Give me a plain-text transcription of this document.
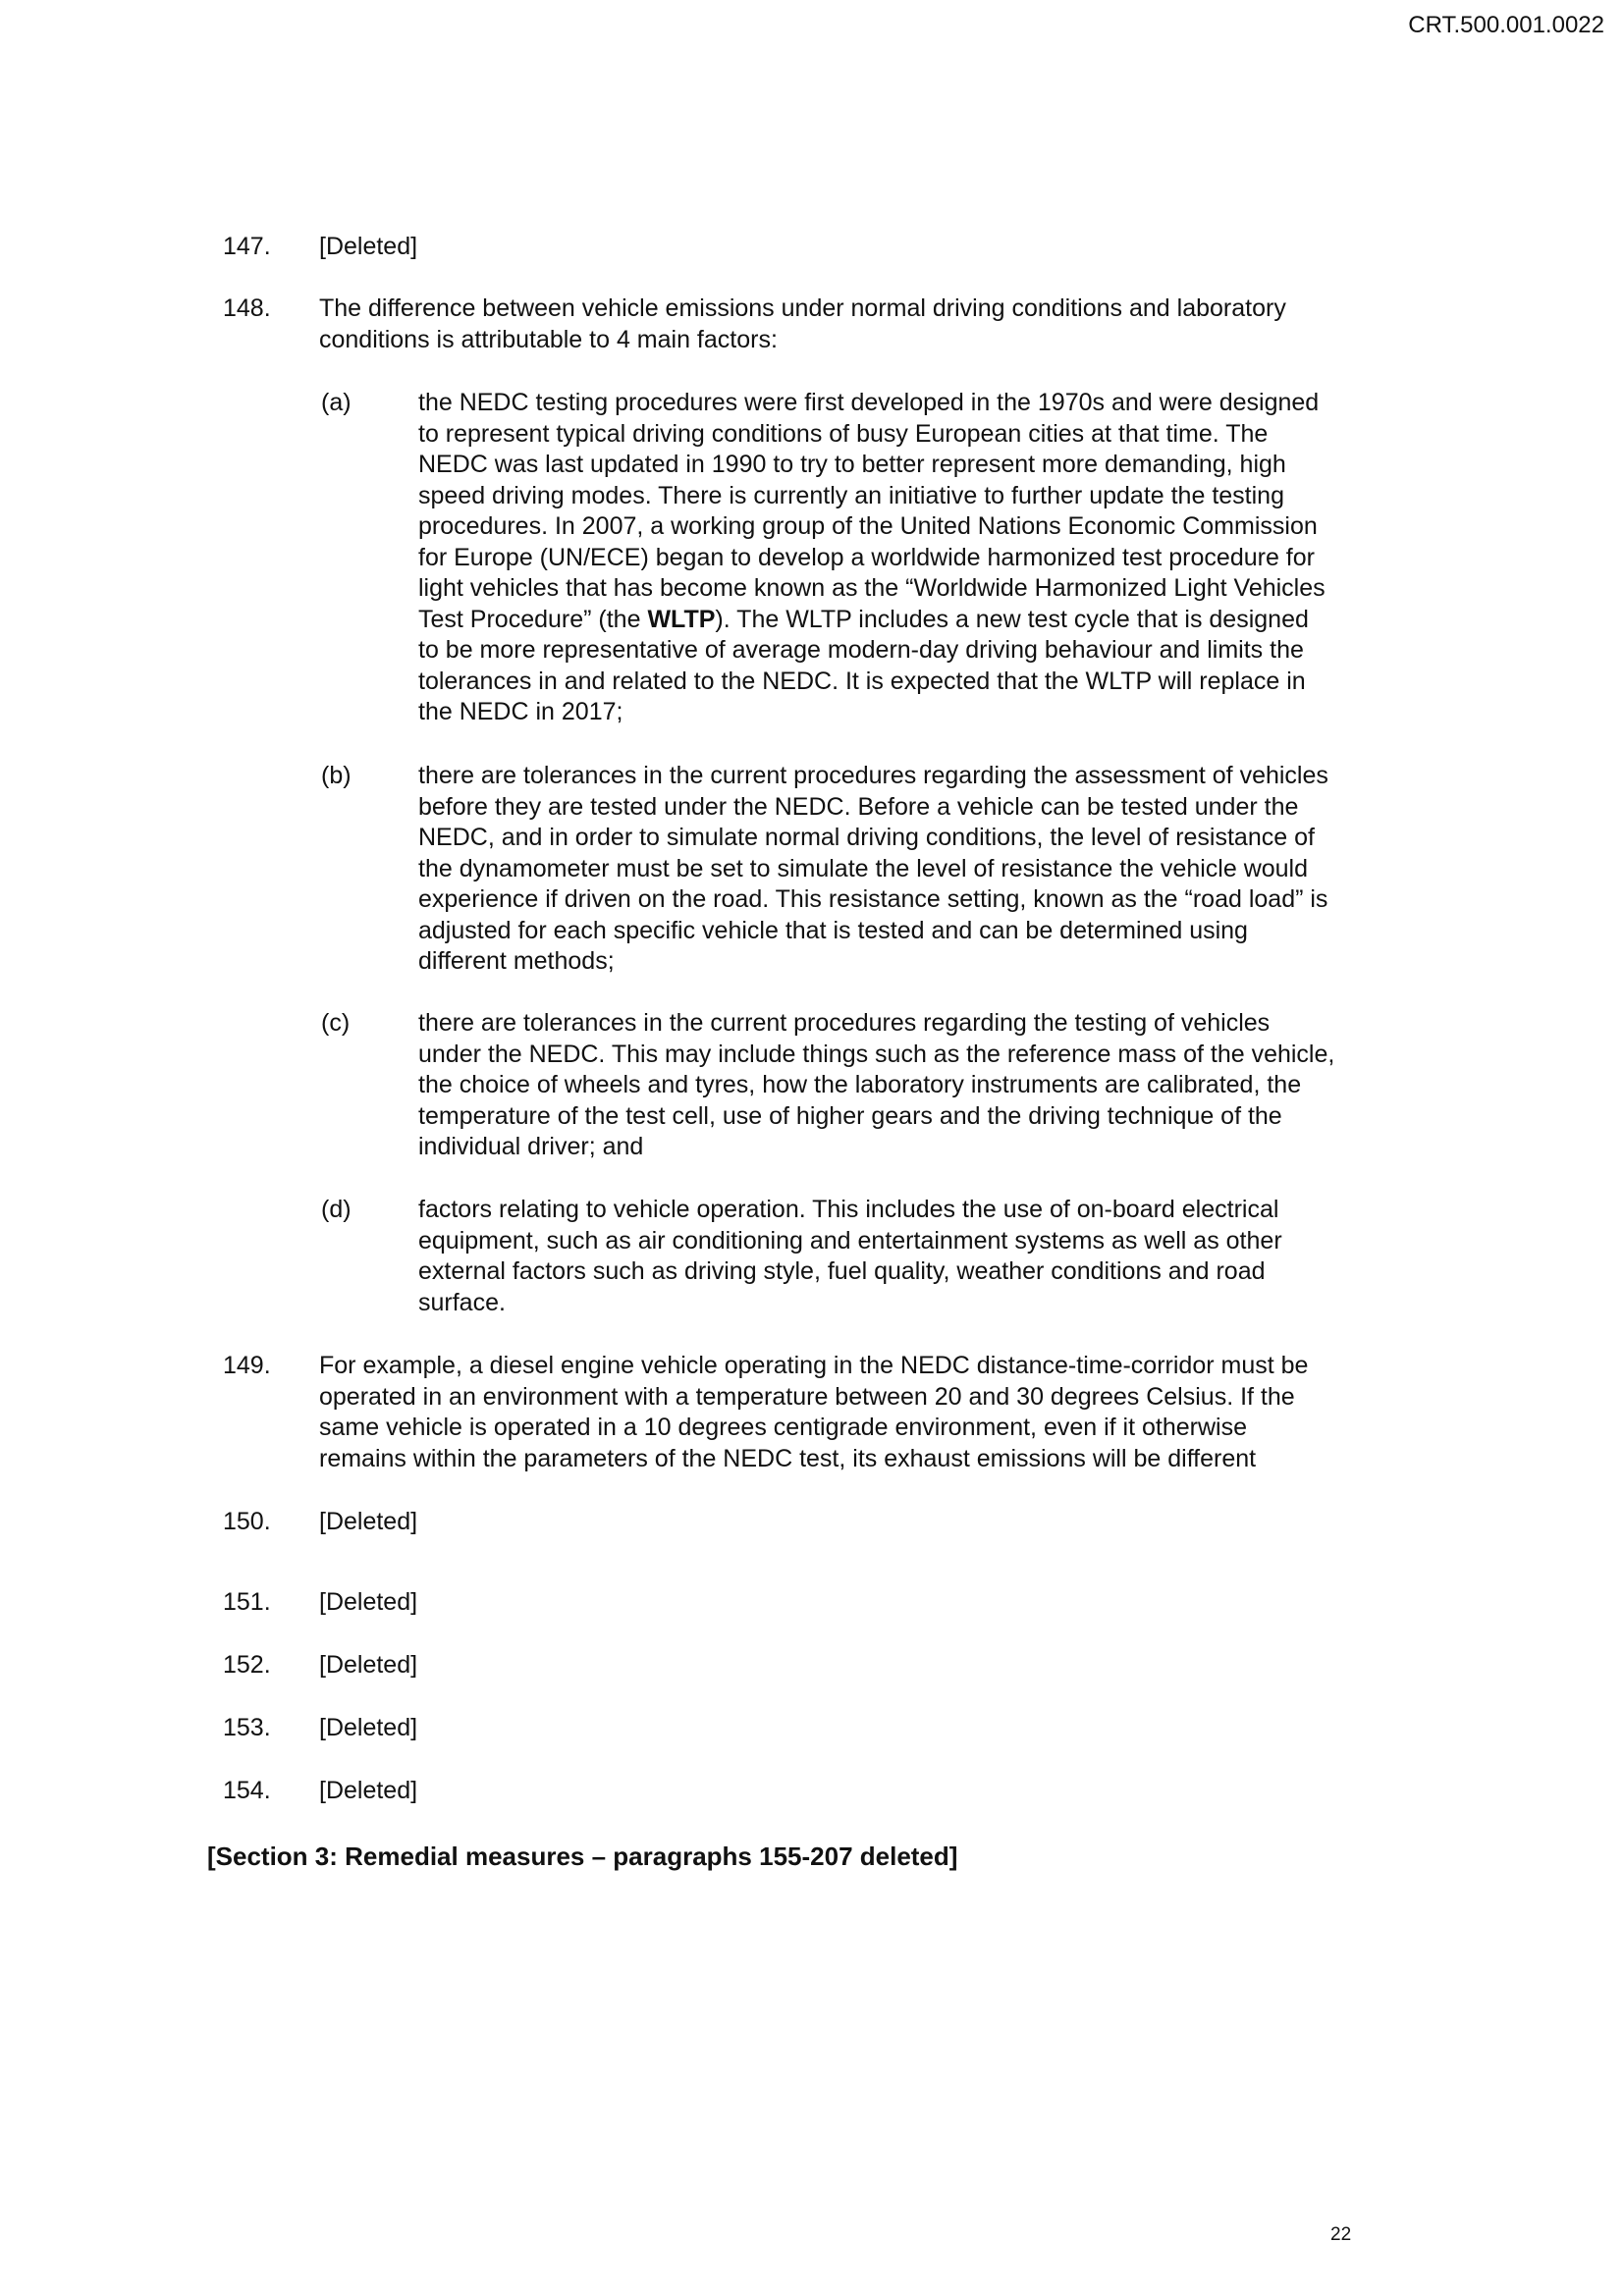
CRT.500.001.0022
147. [Deleted]
148. The difference between vehicle emissions under normal driving conditions and laboratory
conditions is attributable to 4 main factors:
(a)	the NEDC testing procedures were first developed in the 1970s and were designed
to represent typical driving conditions of busy European cities at that time. The
NEDC was last updated in 1990 to try to better represent more demanding, high
speed driving modes. There is currently an initiative to further update the testing
procedures. In 2007, a working group of the United Nations Economic Commission
for Europe (UN/ECE) began to develop a worldwide harmonized test procedure for
light vehicles that has become known as the “Worldwide Harmonized Light Vehicles
Test Procedure” (the WLTP). The WLTP includes a new test cycle that is designed
to be more representative of average modern-day driving behaviour and limits the
tolerances in and related to the NEDC. It is expected that the WLTP will replace in
the NEDC in 2017;
(b)	there are tolerances in the current procedures regarding the assessment of vehicles
before they are tested under the NEDC. Before a vehicle can be tested under the
NEDC, and in order to simulate normal driving conditions, the level of resistance of
the dynamometer must be set to simulate the level of resistance the vehicle would
experience if driven on the road. This resistance setting, known as the “road load” is
adjusted for each specific vehicle that is tested and can be determined using
different methods;
(c)	there are tolerances in the current procedures regarding the testing of vehicles
under the NEDC. This may include things such as the reference mass of the vehicle,
the choice of wheels and tyres, how the laboratory instruments are calibrated, the
temperature of the test cell, use of higher gears and the driving technique of the
individual driver; and
(d)	factors relating to vehicle operation. This includes the use of on-board electrical
equipment, such as air conditioning and entertainment systems as well as other
external factors such as driving style, fuel quality, weather conditions and road
surface.
149. For example, a diesel engine vehicle operating in the NEDC distance-time-corridor must be
operated in an environment with a temperature between 20 and 30 degrees Celsius. If the
same vehicle is operated in a 10 degrees centigrade environment, even if it otherwise
remains within the parameters of the NEDC test, its exhaust emissions will be different
150. [Deleted]
151. [Deleted]
152. [Deleted]
153. [Deleted]
154. [Deleted]
[Section 3: Remedial measures – paragraphs 155-207 deleted]
22
